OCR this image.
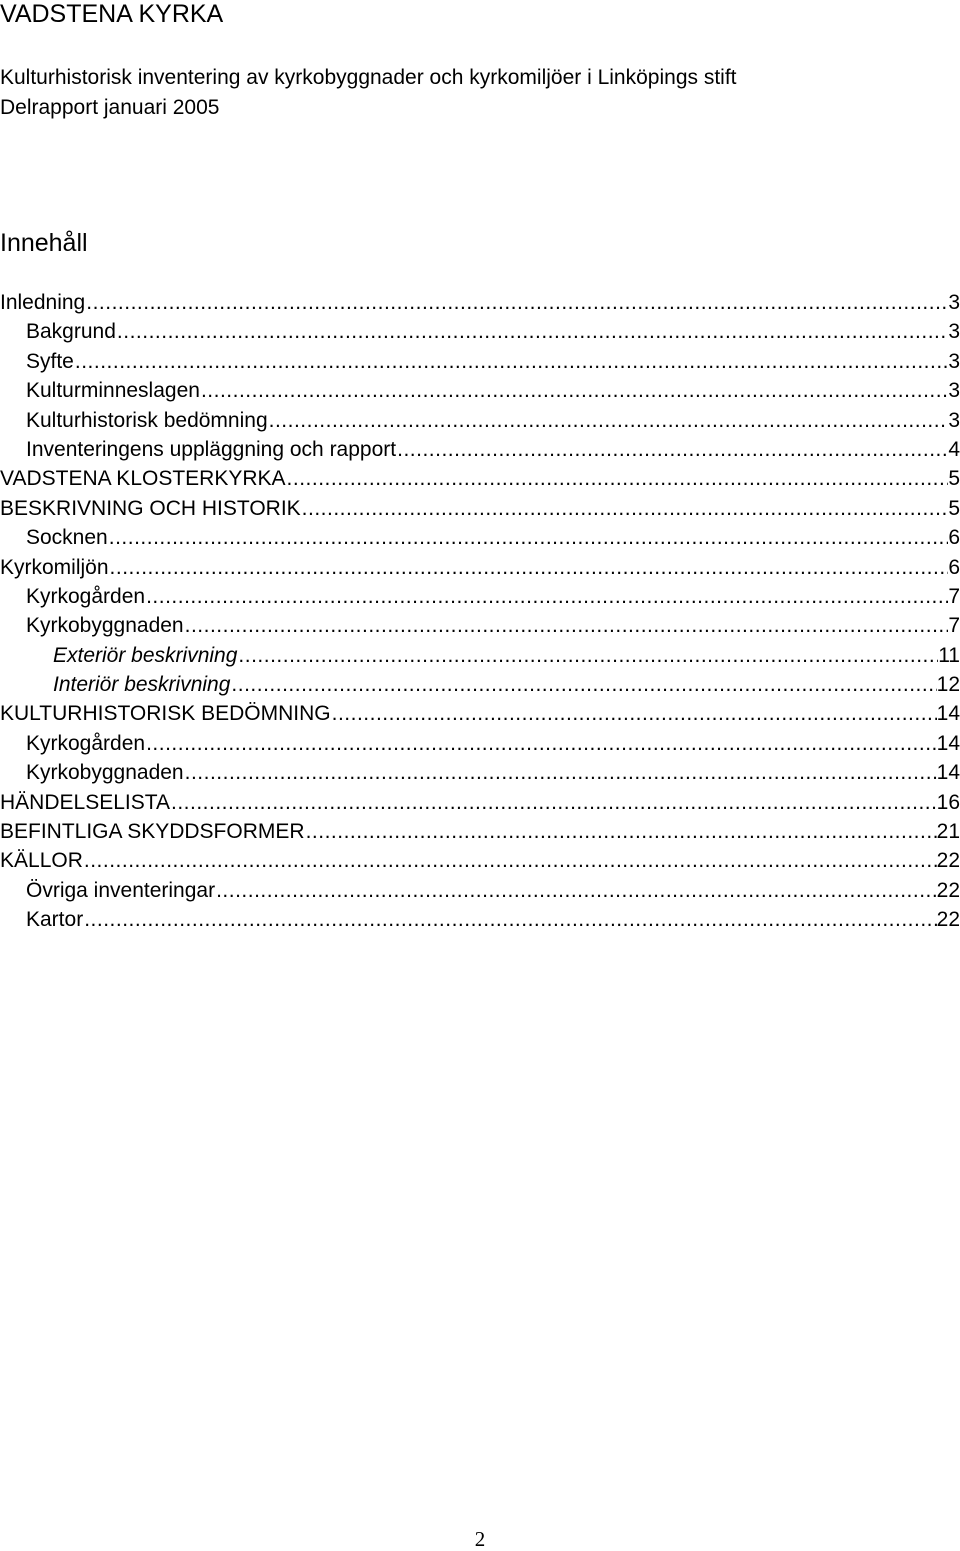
VADSTENA KYRKA
Kulturhistorisk inventering av kyrkobyggnader och kyrkomiljöer i Linköpings stift
Delrapport januari 2005
Innehåll
Inledning .....	3
Bakgrund .....	3
Syfte .....	3
Kulturminneslagen .....	3
Kulturhistorisk bedömning .....	3
Inventeringens uppläggning och rapport .....	4
VADSTENA KLOSTERKYRKA .....	5
BESKRIVNING OCH HISTORIK .....	5
Socknen .....	6
Kyrkomiljön .....	6
Kyrkogården .....	7
Kyrkobyggnaden .....	7
Exteriör beskrivning .....	11
Interiör beskrivning .....	12
KULTURHISTORISK BEDÖMNING .....	14
Kyrkogården .....	14
Kyrkobyggnaden .....	14
HÄNDELSELISTA .....	16
BEFINTLIGA SKYDDSFORMER .....	21
KÄLLOR .....	22
Övriga inventeringar .....	22
Kartor .....	22
2
